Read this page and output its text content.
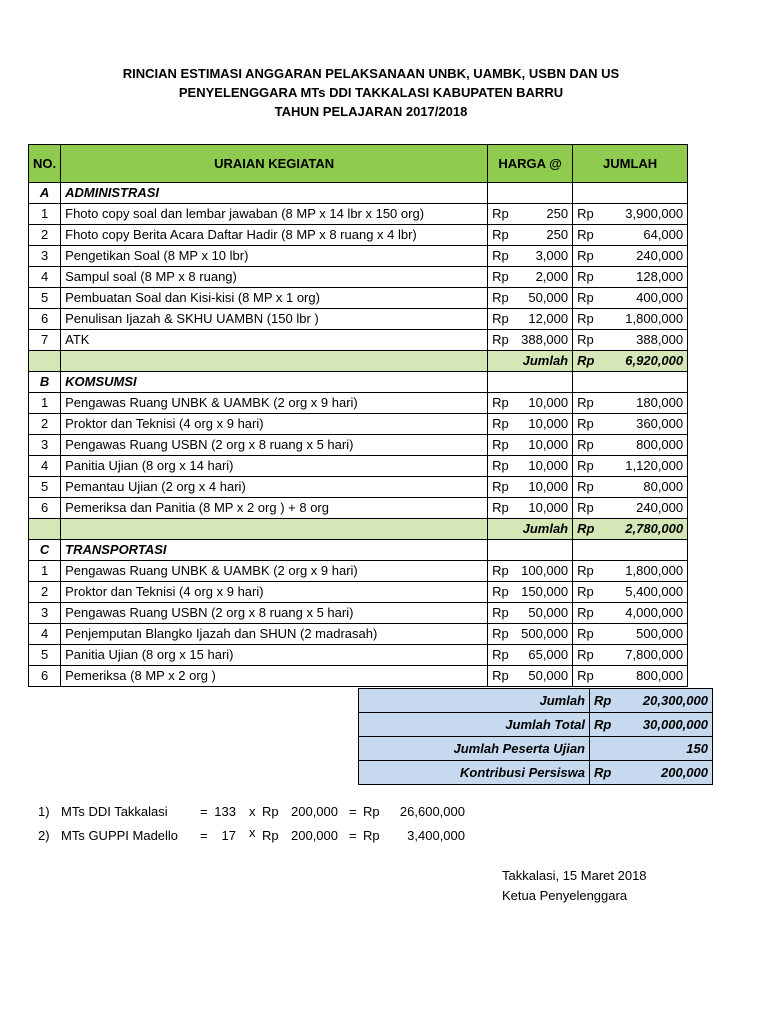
RINCIAN ESTIMASI ANGGARAN PELAKSANAAN UNBK, UAMBK, USBN DAN US
PENYELENGGARA MTs DDI TAKKALASI KABUPATEN BARRU
TAHUN PELAJARAN 2017/2018
NO.	URAIAN KEGIATAN	HARGA @	JUMLAH
A	ADMINISTRASI		
1	Fhoto copy soal dan lembar jawaban (8 MP x 14 lbr x 150 org)	Rp 250	Rp 3,900,000

2	Fhoto copy Berita Acara Daftar Hadir (8 MP x 8 ruang x 4 lbr)	Rp 250	Rp 64,000

3	Pengetikan Soal (8 MP x 10 lbr)	Rp 3,000	Rp 240,000

4	Sampul soal (8 MP x 8 ruang)	Rp 2,000	Rp 128,000

5	Pembuatan Soal dan Kisi-kisi (8 MP x 1 org)	Rp 50,000	Rp 400,000

6	Penulisan Ijazah & SKHU UAMBN (150 lbr )	Rp 12,000	Rp 1,800,000

7	ATK	Rp 388,000	Rp 388,000

		Jumlah	Rp 6,920,000

B	KOMSUMSI		
1	Pengawas Ruang UNBK & UAMBK (2 org x 9 hari)	Rp 10,000	Rp 180,000

2	Proktor dan Teknisi (4 org x 9 hari)	Rp 10,000	Rp 360,000

3	Pengawas Ruang USBN (2 org x 8 ruang x 5 hari)	Rp 10,000	Rp 800,000

4	Panitia Ujian (8 org x 14 hari)	Rp 10,000	Rp 1,120,000

5	Pemantau Ujian (2 org x 4 hari)	Rp 10,000	Rp 80,000

6	Pemeriksa dan Panitia (8 MP x 2 org ) + 8 org	Rp 10,000	Rp 240,000

		Jumlah	Rp 2,780,000

C	TRANSPORTASI		
1	Pengawas Ruang UNBK & UAMBK (2 org x 9 hari)	Rp 100,000	Rp 1,800,000

2	Proktor dan Teknisi (4 org x 9 hari)	Rp 150,000	Rp 5,400,000

3	Pengawas Ruang USBN (2 org x 8 ruang x 5 hari)	Rp 50,000	Rp 4,000,000

4	Penjemputan Blangko Ijazah dan SHUN (2 madrasah)	Rp 500,000	Rp 500,000

5	Panitia Ujian (8 org x 15 hari)	Rp 65,000	Rp 7,800,000

6	Pemeriksa (8 MP x 2 org )	Rp 50,000	Rp 800,000
Jumlah	Rp 20,300,000

Jumlah Total	Rp 30,000,000

Jumlah Peserta Ujian	150

Kontribusi Persiswa	Rp 200,000
1) MTs DDI Takkalasi = 133 x Rp 200,000 = Rp 26,600,000
2) MTs GUPPI Madello = 17 x Rp 200,000 = Rp 3,400,000
Takkalasi, 15 Maret 2018
Ketua Penyelenggara
